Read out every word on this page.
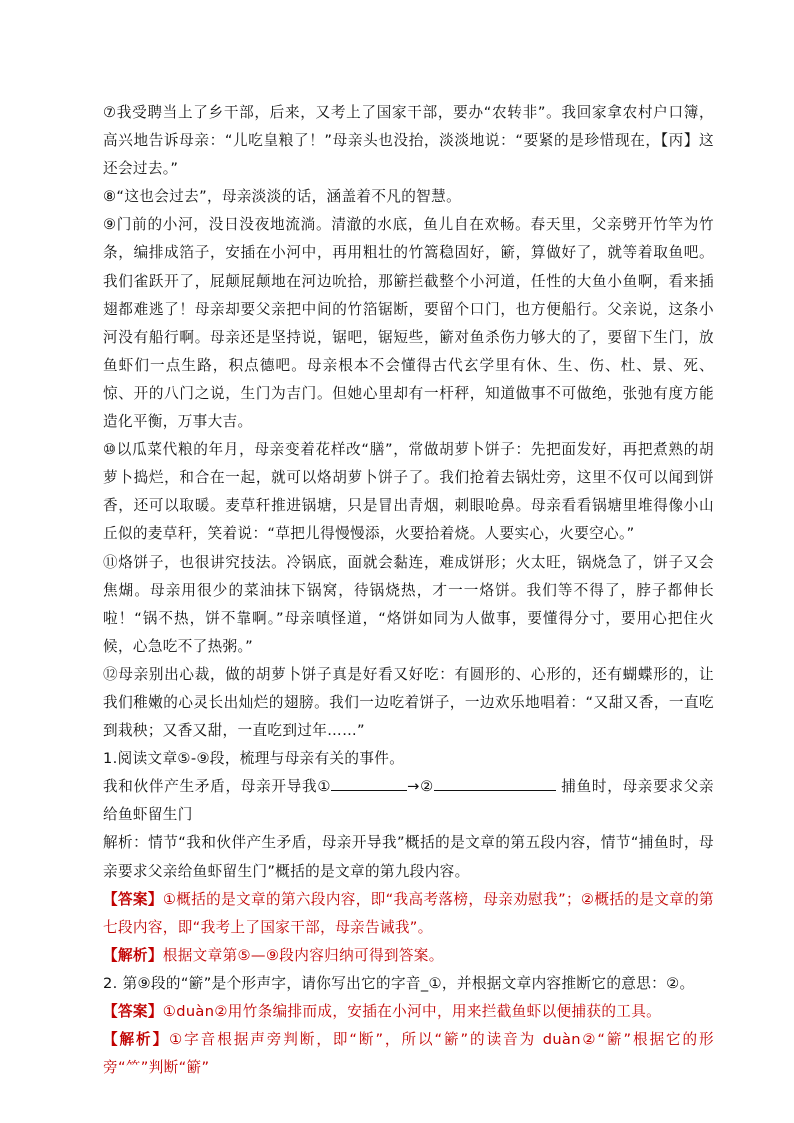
⑦我受聘当上了乡干部，后来，又考上了国家干部，要办“农转非”。我回家拿农村户口簿，高兴地告诉母亲：“儿吃皇粮了！”母亲头也没抬，淡淡地说：“要紧的是珍惜现在，【丙】这还会过去。”

⑧“这也会过去”，母亲淡淡的话，涵盖着不凡的智慧。

⑨门前的小河，没日没夜地流淌。清澈的水底，鱼儿自在欢畅。春天里，父亲劈开竹竿为竹条，编排成箔子，安插在小河中，再用粗壮的竹篙稳固好，簖，算做好了，就等着取鱼吧。我们雀跃开了，屁颠屁颠地在河边吮拾，那簖拦截整个小河道，任性的大鱼小鱼啊，看来插翅都难逃了！母亲却要父亲把中间的竹箔锯断，要留个口门，也方便船行。父亲说，这条小河没有船行啊。母亲还是坚持说，锯吧，锯短些，簖对鱼杀伤力够大的了，要留下生门，放鱼虾们一点生路，积点德吧。母亲根本不会懂得古代玄学里有休、生、伤、杜、景、死、惊、开的八门之说，生门为吉门。但她心里却有一杆秤，知道做事不可做绝，张弛有度方能造化平衡，万事大吉。

⑩以瓜菜代粮的年月，母亲变着花样改“膳”，常做胡萝卜饼子：先把面发好，再把煮熟的胡萝卜捣烂，和合在一起，就可以烙胡萝卜饼子了。我们抢着去锅灶旁，这里不仅可以闻到饼香，还可以取暖。麦草秆推进锅塘，只是冒出青烟，刺眼呛鼻。母亲看看锅塘里堆得像小山丘似的麦草秆，笑着说：“草把儿得慢慢添，火要拾着烧。人要实心，火要空心。”

⑪烙饼子，也很讲究技法。冷锅底，面就会黏连，难成饼形；火太旺，锅烧急了，饼子又会焦煳。母亲用很少的菜油抹下锅窝，待锅烧热，才一一烙饼。我们等不得了，脖子都伸长啦！“锅不热，饼不靠啊。”母亲嗔怪道，“烙饼如同为人做事，要懂得分寸，要用心把住火候，心急吃不了热粥。”

⑫母亲别出心裁，做的胡萝卜饼子真是好看又好吃：有圆形的、心形的，还有蝴蝶形的，让我们稚嫩的心灵长出灿烂的翅膀。我们一边吃着饼子，一边欢乐地唱着：“又甜又香，一直吃到栽秧；又香又甜，一直吃到过年……”

1.阅读文章⑤-⑨段，梳理与母亲有关的事件。

我和伙伴产生矛盾，母亲开导我①	→②	捕鱼时，母亲要求父亲给鱼虾留生门

解析：情节“我和伙伴产生矛盾，母亲开导我”概括的是文章的第五段内容，情节“捕鱼时，母亲要求父亲给鱼虾留生门”概括的是文章的第九段内容。

【答案】①概括的是文章的第六段内容，即“我高考落榜，母亲劝慰我”；②概括的是文章的第七段内容，即“我考上了国家干部，母亲告诫我”。

【解析】根据文章第⑤—⑨段内容归纳可得到答案。

2. 第⑨段的“簖”是个形声字，请你写出它的字音_①，并根据文章内容推断它的意思：②。

【答案】①duàn②用竹条编排而成，安插在小河中，用来拦截鱼虾以便捕获的工具。

【解析】①字音根据声旁判断，即“断”，所以“簖”的读音为 duàn②“簖”根据它的形旁“⺮”判断“簖”
